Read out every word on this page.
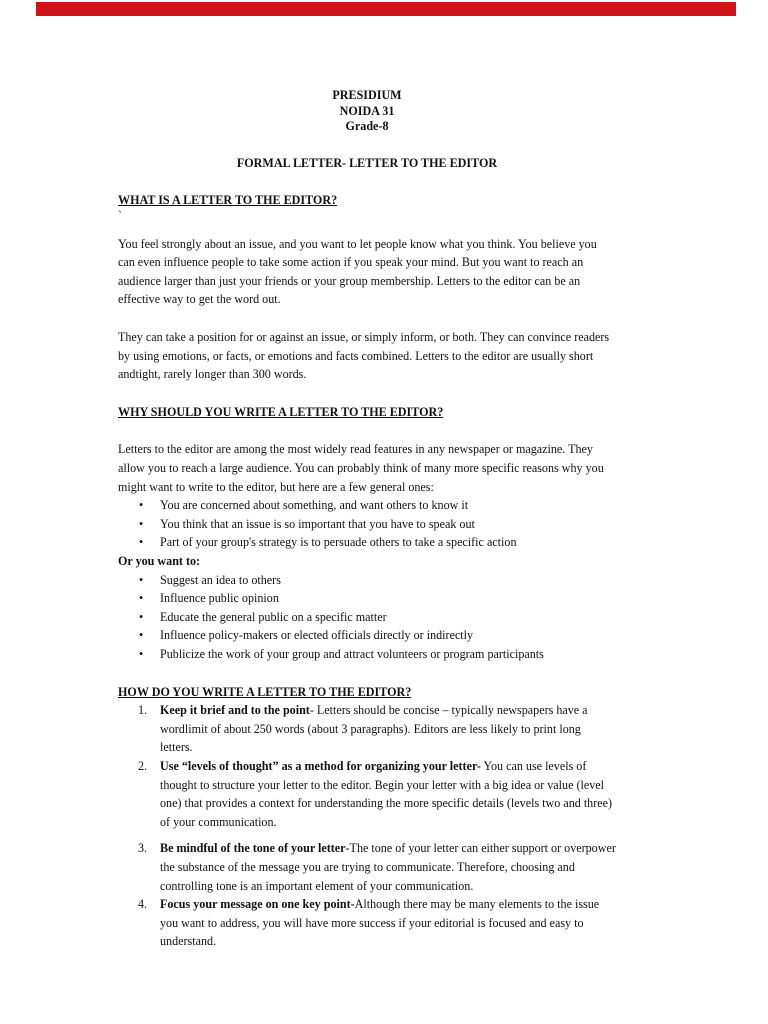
PRESIDIUM
NOIDA 31
Grade-8
FORMAL LETTER- LETTER TO THE EDITOR
WHAT IS A LETTER TO THE EDITOR?
`

You feel strongly about an issue, and you want to let people know what you think. You believe you can even influence people to take some action if you speak your mind. But you want to reach an audience larger than just your friends or your group membership. Letters to the editor can be an effective way to get the word out.

They can take a position for or against an issue, or simply inform, or both. They can convince readers by using emotions, or facts, or emotions and facts combined. Letters to the editor are usually short andtight, rarely longer than 300 words.

WHY SHOULD YOU WRITE A LETTER TO THE EDITOR?

Letters to the editor are among the most widely read features in any newspaper or magazine. They allow you to reach a large audience. You can probably think of many more specific reasons why you might want to write to the editor, but here are a few general ones:

• You are concerned about something, and want others to know it
• You think that an issue is so important that you have to speak out
• Part of your group's strategy is to persuade others to take a specific action
Or you want to:
• Suggest an idea to others
• Influence public opinion
• Educate the general public on a specific matter
• Influence policy-makers or elected officials directly or indirectly
• Publicize the work of your group and attract volunteers or program participants
HOW DO YOU WRITE A LETTER TO THE EDITOR?
1. Keep it brief and to the point- Letters should be concise – typically newspapers have a wordlimit of about 250 words (about 3 paragraphs). Editors are less likely to print long letters.
2. Use “levels of thought” as a method for organizing your letter- You can use levels of thought to structure your letter to the editor. Begin your letter with a big idea or value (level one) that provides a context for understanding the more specific details (levels two and three) of your communication.
3. Be mindful of the tone of your letter-The tone of your letter can either support or overpower the substance of the message you are trying to communicate. Therefore, choosing and controlling tone is an important element of your communication.
4. Focus your message on one key point-Although there may be many elements to the issue you want to address, you will have more success if your editorial is focused and easy to understand.
